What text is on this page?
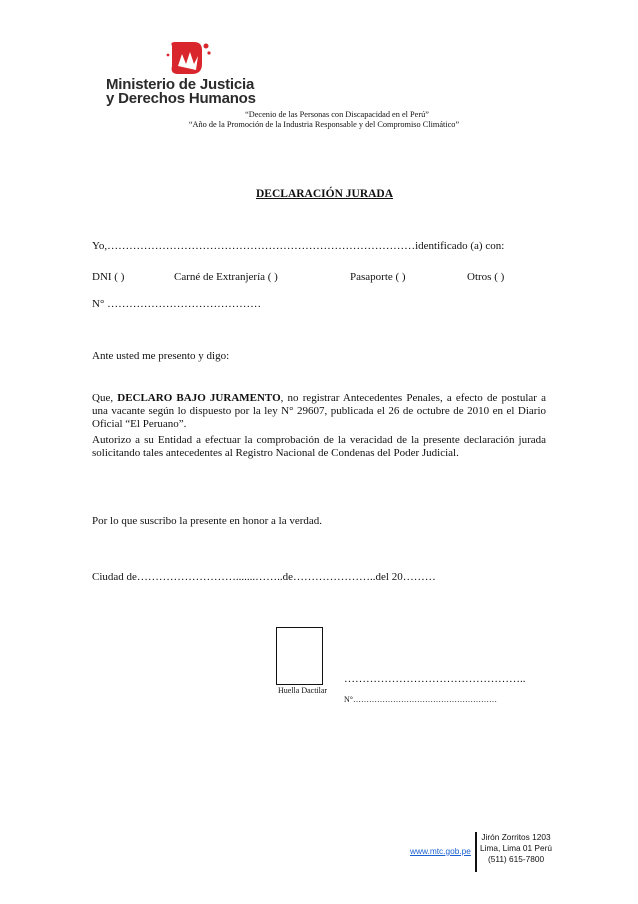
Ministerio de Justicia
y Derechos Humanos
“Decenio de las Personas con Discapacidad en el Perú”
“Año de la Promoción de la Industria Responsable y del Compromiso Climático”
DECLARACIÓN JURADA
Yo,…………………………………………………………………………identificado (a) con:
DNI ( )	Carné de Extranjería ( )	Pasaporte ( )	Otros ( )
N° ……………………………………
Ante usted me presento y digo:
Que, DECLARO BAJO JURAMENTO, no registrar Antecedentes Penales, a efecto de postular a una vacante según lo dispuesto por la ley N° 29607, publicada el 26 de octubre de 2010 en el Diario Oficial “El Peruano”.
Autorizo a su Entidad a efectuar la comprobación de la veracidad de la presente declaración jurada solicitando tales antecedentes al Registro Nacional de Condenas del Poder Judicial.
Por lo que suscribo la presente en honor a la verdad.
Ciudad de……………………….......……..de…………………..del 20………
Huella Dactilar
…………………………………………..
N°………………………………………………
www.mtc.gob.pe
Jirón Zorritos 1203
Lima, Lima 01 Perú
(511) 615-7800
